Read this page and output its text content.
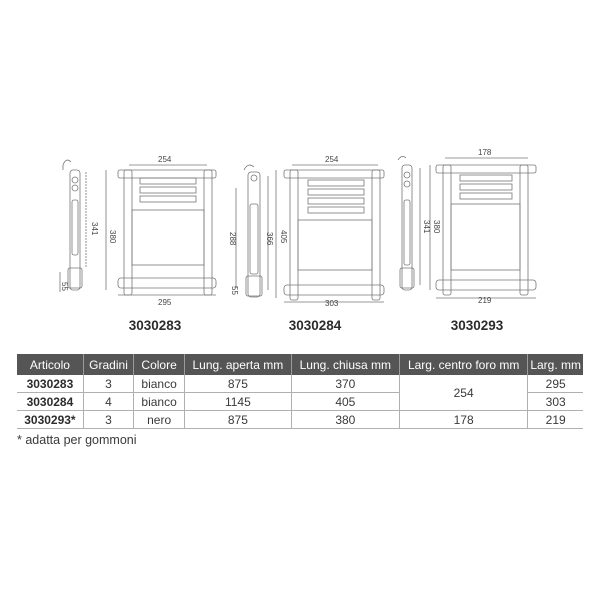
341
55
380
254
295
288	366 405
55
254
303
341 380
178
219
3030283	3030284	3030293
Articolo	Gradini	Colore	Lung. aperta mm	Lung. chiusa mm	Larg. centro foro mm	Larg. mm
3030283	3	bianco	875	370	254	295
3030284	4	bianco	1145	405		303
3030293*	3	nero	875	380	178	219
* adatta per gommoni
